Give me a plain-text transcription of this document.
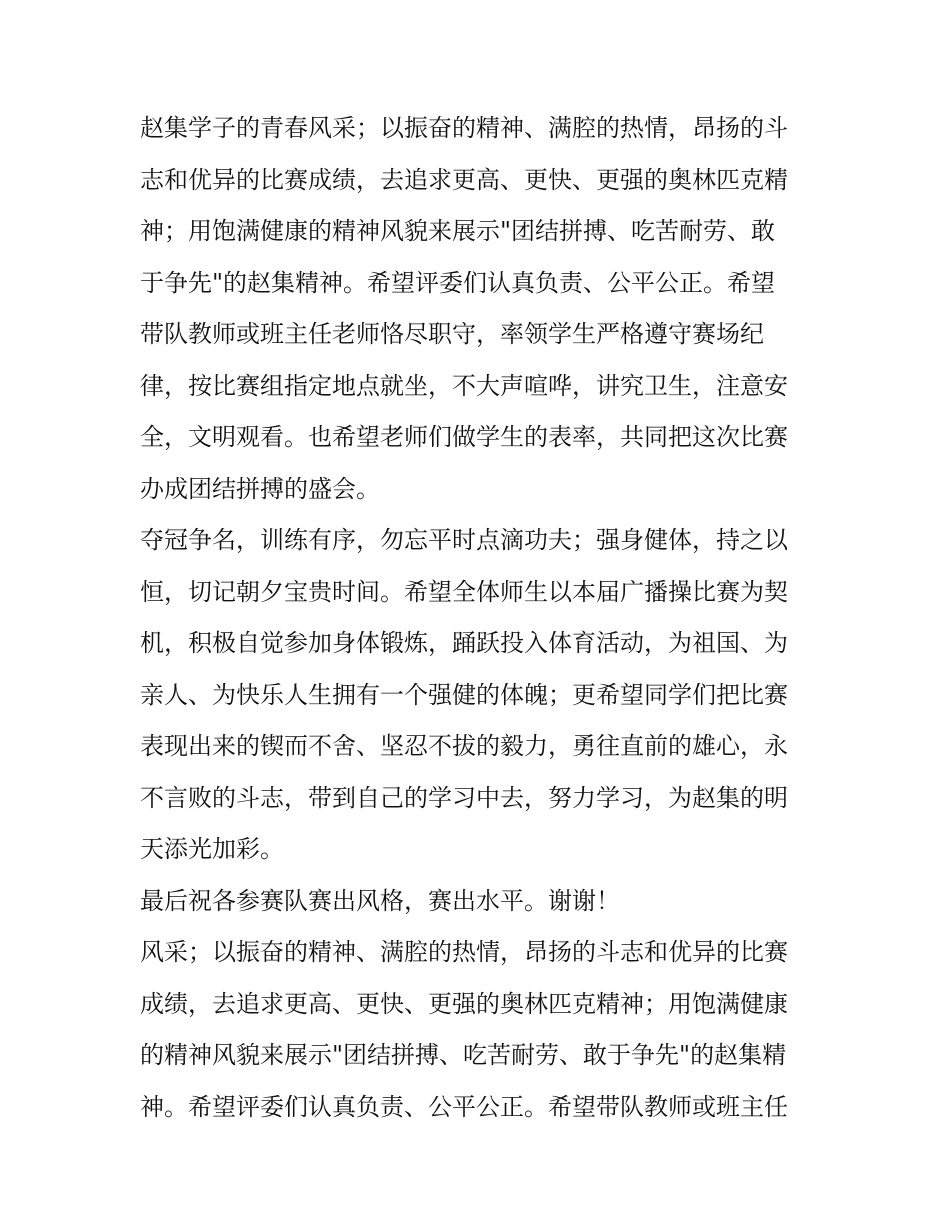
赵集学子的青春风采；以振奋的精神、满腔的热情，昂扬的斗
志和优异的比赛成绩，去追求更高、更快、更强的奥林匹克精
神；用饱满健康的精神风貌来展示"团结拼搏、吃苦耐劳、敢
于争先"的赵集精神。希望评委们认真负责、公平公正。希望
带队教师或班主任老师恪尽职守，率领学生严格遵守赛场纪
律，按比赛组指定地点就坐，不大声喧哗，讲究卫生，注意安
全，文明观看。也希望老师们做学生的表率，共同把这次比赛
办成团结拼搏的盛会。
夺冠争名，训练有序，勿忘平时点滴功夫；强身健体，持之以
恒，切记朝夕宝贵时间。希望全体师生以本届广播操比赛为契
机，积极自觉参加身体锻炼，踊跃投入体育活动，为祖国、为
亲人、为快乐人生拥有一个强健的体魄；更希望同学们把比赛
表现出来的锲而不舍、坚忍不拔的毅力，勇往直前的雄心，永
不言败的斗志，带到自己的学习中去，努力学习，为赵集的明
天添光加彩。
最后祝各参赛队赛出风格，赛出水平。谢谢！
风采；以振奋的精神、满腔的热情，昂扬的斗志和优异的比赛
成绩，去追求更高、更快、更强的奥林匹克精神；用饱满健康
的精神风貌来展示"团结拼搏、吃苦耐劳、敢于争先"的赵集精
神。希望评委们认真负责、公平公正。希望带队教师或班主任
